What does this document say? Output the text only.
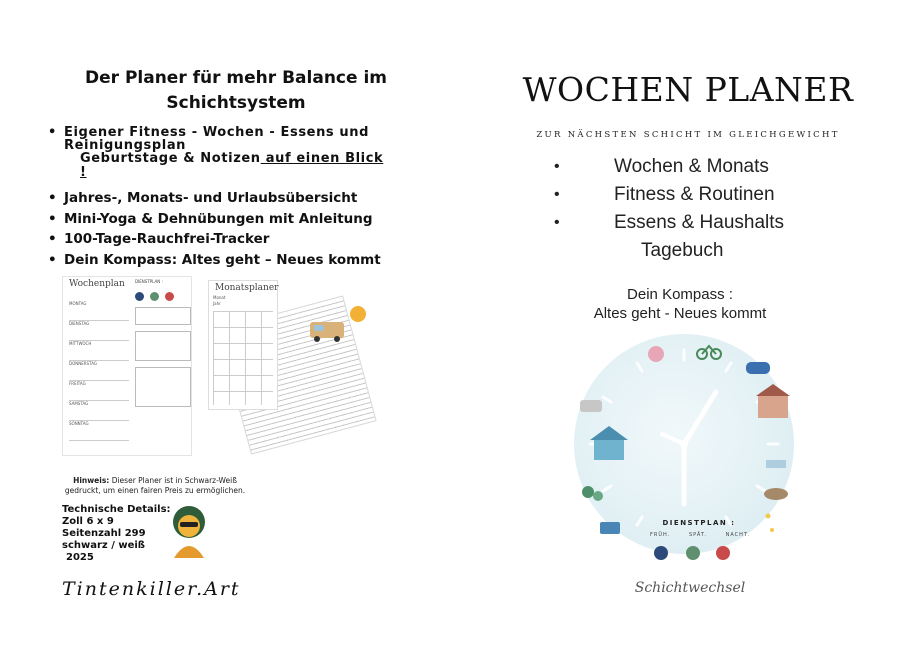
Der Planer für mehr Balance im Schichtsystem
• Eigener Fitness - Wochen - Essens und
Reinigungsplan
Geburtstage & Notizen auf einen Blick !
• Jahres-, Monats- und Urlaubsübersicht
• Mini-Yoga & Dehnübungen mit Anleitung
• 100-Tage-Rauchfrei-Tracker
• Dein Kompass: Altes geht – Neues kommt
Wochenplan
MONTAG
DIENSTAG
MITTWOCH
DONNERSTAG
FREITAG
SAMSTAG
SONNTAG
DIENSTPLAN :
Monatsplaner
Monat
Jahr
Hinweis: Dieser Planer ist in Schwarz-Weiß gedruckt, um einen fairen Preis zu ermöglichen.
Technische Details:
Zoll 6 x 9
Seitenzahl 299
schwarz / weiß
2025
Tintenkiller.Art
WOCHEN PLANER
ZUR NÄCHSTEN SCHICHT IM GLEICHGEWICHT
• Wochen & Monats
• Fitness & Routinen
• Essens & Haushalts
Tagebuch
Dein Kompass :
Altes geht - Neues kommt
DIENSTPLAN :
FRÜH.	SPÄT.	NACHT.
Schichtwechsel
